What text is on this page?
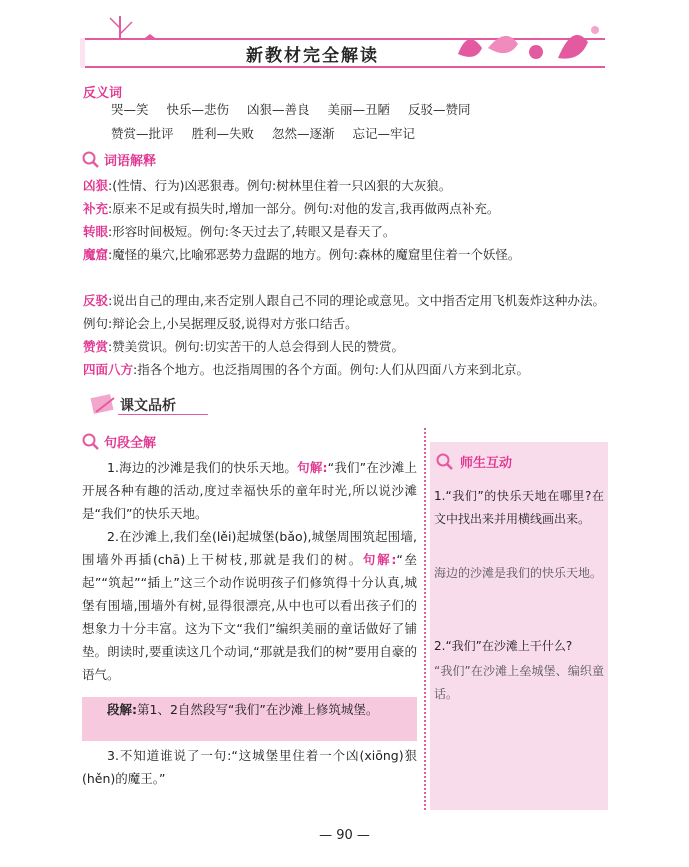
新教材完全解读
反义词
哭—笑 快乐—悲伤 凶狠—善良 美丽—丑陋 反驳—赞同
赞赏—批评 胜利—失败 忽然—逐渐 忘记—牢记
词语解释
凶狠:(性情、行为)凶恶狠毒。例句:树林里住着一只凶狠的大灰狼。
补充:原来不足或有损失时,增加一部分。例句:对他的发言,我再做两点补充。
转眼:形容时间极短。例句:冬天过去了,转眼又是春天了。
魔窟:魔怪的巢穴,比喻邪恶势力盘踞的地方。例句:森林的魔窟里住着一个妖怪。
反驳:说出自己的理由,来否定别人跟自己不同的理论或意见。文中指否定用飞机轰炸这种办法。例句:辩论会上,小吴据理反驳,说得对方张口结舌。
赞赏:赞美赏识。例句:切实苦干的人总会得到人民的赞赏。
四面八方:指各个地方。也泛指周围的各个方面。例句:人们从四面八方来到北京。
课文品析
句段全解
1.海边的沙滩是我们的快乐天地。句解:“我们”在沙滩上开展各种有趣的活动,度过幸福快乐的童年时光,所以说沙滩是“我们”的快乐天地。
2.在沙滩上,我们垒(lěi)起城堡(bǎo),城堡周围筑起围墙,围墙外再插(chā)上干树枝,那就是我们的树。句解:“垒起”“筑起”“插上”这三个动作说明孩子们修筑得十分认真,城堡有围墙,围墙外有树,显得很漂亮,从中也可以看出孩子们的想象力十分丰富。这为下文“我们”编织美丽的童话做好了铺垫。朗读时,要重读这几个动词,“那就是我们的树”要用自豪的语气。
段解:第1、2自然段写“我们”在沙滩上修筑城堡。
3.不知道谁说了一句:“这城堡里住着一个凶(xiōng)狠(hěn)的魔王。”
师生互动
1.“我们”的快乐天地在哪里?在文中找出来并用横线画出来。
海边的沙滩是我们的快乐天地。
2.“我们”在沙滩上干什么?
“我们”在沙滩上垒城堡、编织童话。
— 90 —
